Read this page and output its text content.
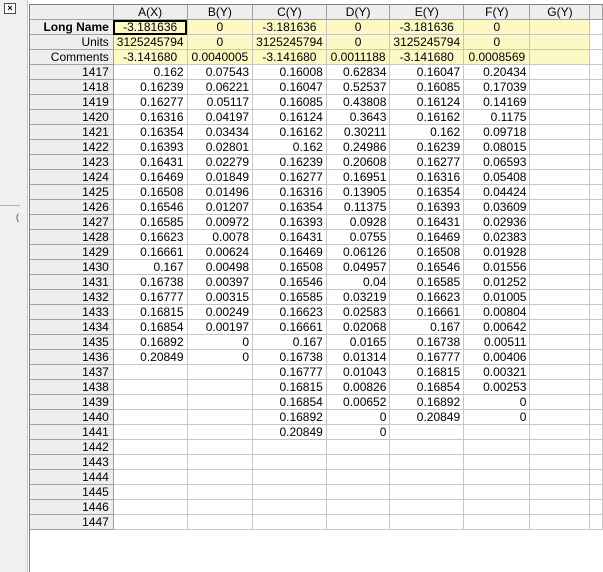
×
(
	A(X)	B(Y)	C(Y)	D(Y)	E(Y)	F(Y)	G(Y)	
Long Name	-3.181636	0	-3.181636	0	-3.181636	0		
Units	3125245794	0	3125245794	0	3125245794	0		
Comments	-3.141680	0.0040005	-3.141680	0.0011188	-3.141680	0.0008569		
1417	0.162	0.07543	0.16008	0.62834	0.16047	0.20434		
1418	0.16239	0.06221	0.16047	0.52537	0.16085	0.17039		
1419	0.16277	0.05117	0.16085	0.43808	0.16124	0.14169		
1420	0.16316	0.04197	0.16124	0.3643	0.16162	0.1175		
1421	0.16354	0.03434	0.16162	0.30211	0.162	0.09718		
1422	0.16393	0.02801	0.162	0.24986	0.16239	0.08015		
1423	0.16431	0.02279	0.16239	0.20608	0.16277	0.06593		
1424	0.16469	0.01849	0.16277	0.16951	0.16316	0.05408		
1425	0.16508	0.01496	0.16316	0.13905	0.16354	0.04424		
1426	0.16546	0.01207	0.16354	0.11375	0.16393	0.03609		
1427	0.16585	0.00972	0.16393	0.0928	0.16431	0.02936		
1428	0.16623	0.0078	0.16431	0.0755	0.16469	0.02383		
1429	0.16661	0.00624	0.16469	0.06126	0.16508	0.01928		
1430	0.167	0.00498	0.16508	0.04957	0.16546	0.01556		
1431	0.16738	0.00397	0.16546	0.04	0.16585	0.01252		
1432	0.16777	0.00315	0.16585	0.03219	0.16623	0.01005		
1433	0.16815	0.00249	0.16623	0.02583	0.16661	0.00804		
1434	0.16854	0.00197	0.16661	0.02068	0.167	0.00642		
1435	0.16892	0	0.167	0.0165	0.16738	0.00511		
1436	0.20849	0	0.16738	0.01314	0.16777	0.00406		
1437			0.16777	0.01043	0.16815	0.00321		
1438			0.16815	0.00826	0.16854	0.00253		
1439			0.16854	0.00652	0.16892	0		
1440			0.16892	0	0.20849	0		
1441			0.20849	0				
1442								
1443								
1444								
1445								
1446								
1447								
